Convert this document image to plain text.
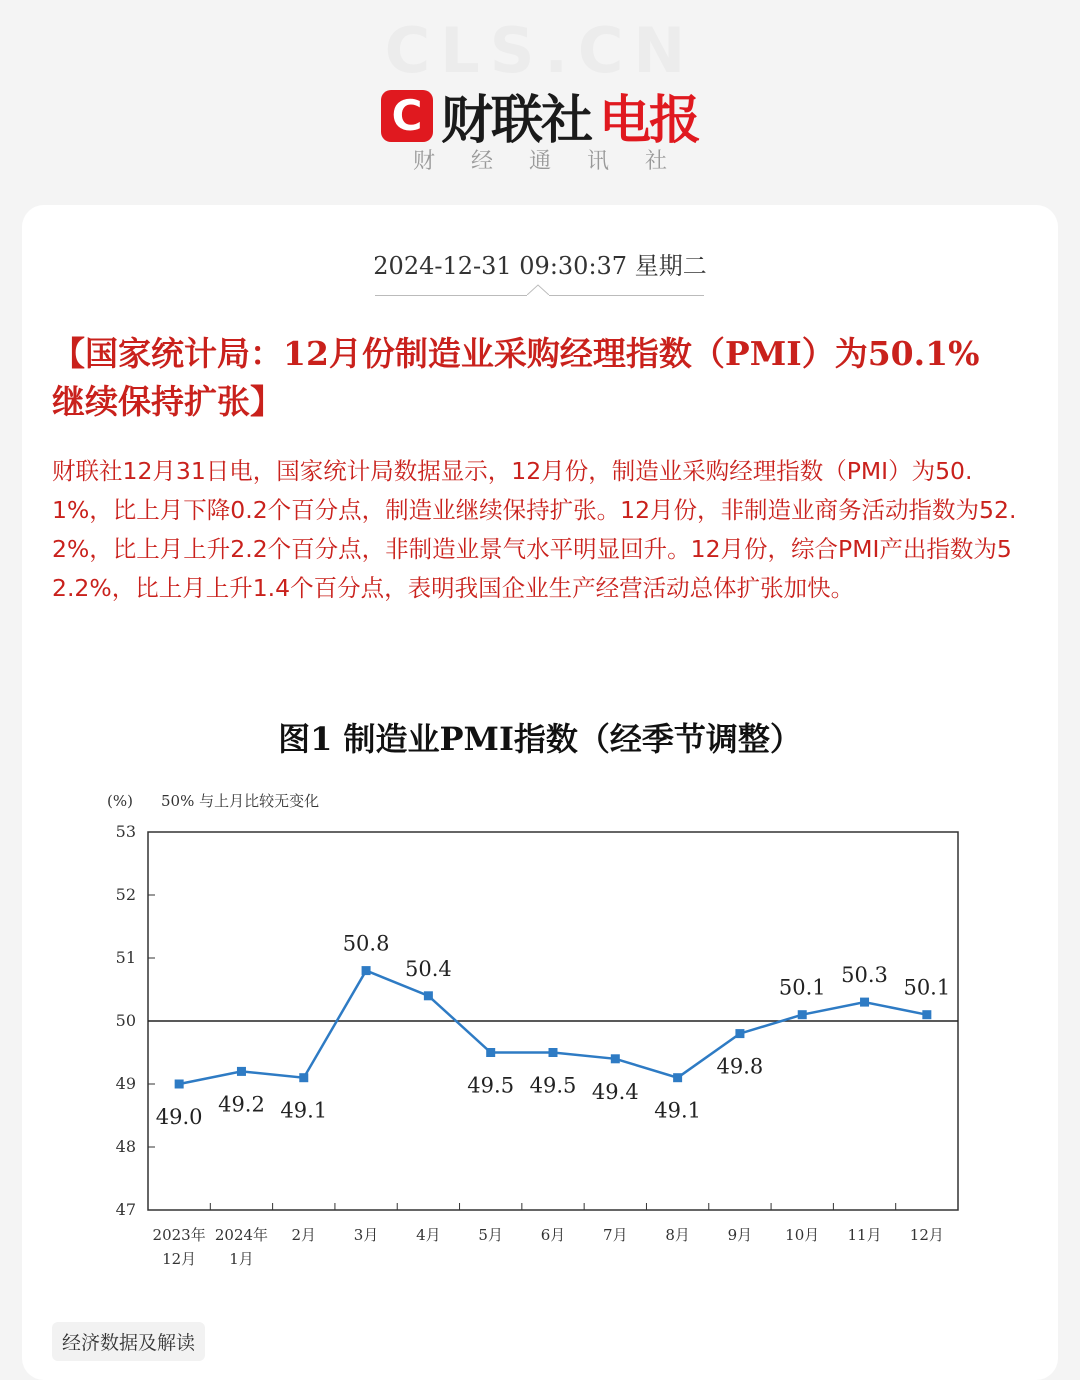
CLS.CN
C 财联社 电报
财经通讯社
2024-12-31 09:30:37 星期二
【国家统计局：12月份制造业采购经理指数（PMI）为50.1% 继续保持扩张】
财联社12月31日电，国家统计局数据显示，12月份，制造业采购经理指数（PMI）为50.1%，比上月下降0.2个百分点，制造业继续保持扩张。12月份，非制造业商务活动指数为52.2%，比上月上升2.2个百分点，非制造业景气水平明显回升。12月份，综合PMI产出指数为52.2%，比上月上升1.4个百分点，表明我国企业生产经营活动总体扩张加快。
图1 制造业PMI指数（经季节调整）
(%) 50% 与上月比较无变化
47
48
49
50
51
52
53
49.0
49.2 49.1
50.8
50.4
49.5 49.5 49.4
49.1
49.8
50.1
50.3
50.1
2023年
12月
2024年
1月
2月	3月	4月	5月	6月	7月	8月	9月 10月 11月 12月
经济数据及解读
